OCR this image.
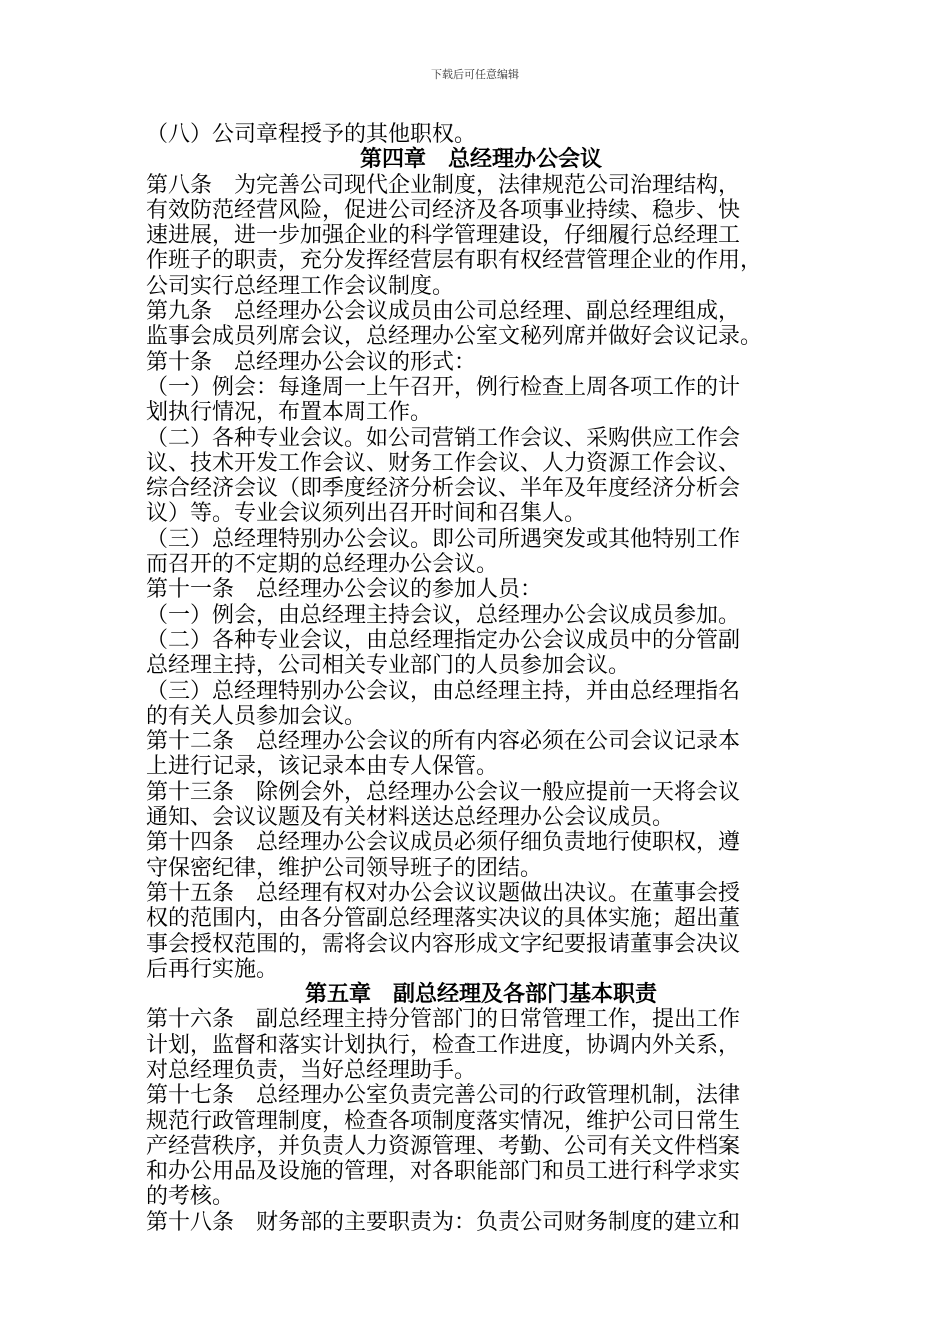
下载后可任意编辑

（八）公司章程授予的其他职权。

第四章　总经理办公会议

第八条　为完善公司现代企业制度，法律规范公司治理结构，

有效防范经营风险，促进公司经济及各项事业持续、稳步、快

速进展，进一步加强企业的科学管理建设，仔细履行总经理工

作班子的职责，充分发挥经营层有职有权经营管理企业的作用，

公司实行总经理工作会议制度。

第九条　总经理办公会议成员由公司总经理、副总经理组成，

监事会成员列席会议，总经理办公室文秘列席并做好会议记录。

第十条　总经理办公会议的形式：

（一）例会：每逢周一上午召开，例行检查上周各项工作的计

划执行情况，布置本周工作。

（二）各种专业会议。如公司营销工作会议、采购供应工作会

议、技术开发工作会议、财务工作会议、人力资源工作会议、

综合经济会议（即季度经济分析会议、半年及年度经济分析会

议）等。专业会议须列出召开时间和召集人。

（三）总经理特别办公会议。即公司所遇突发或其他特别工作

而召开的不定期的总经理办公会议。

第十一条　总经理办公会议的参加人员：

（一）例会，由总经理主持会议，总经理办公会议成员参加。

（二）各种专业会议，由总经理指定办公会议成员中的分管副

总经理主持，公司相关专业部门的人员参加会议。

（三）总经理特别办公会议，由总经理主持，并由总经理指名

的有关人员参加会议。

第十二条　总经理办公会议的所有内容必须在公司会议记录本

上进行记录，该记录本由专人保管。

第十三条　除例会外，总经理办公会议一般应提前一天将会议

通知、会议议题及有关材料送达总经理办公会议成员。

第十四条　总经理办公会议成员必须仔细负责地行使职权，遵

守保密纪律，维护公司领导班子的团结。

第十五条　总经理有权对办公会议议题做出决议。在董事会授

权的范围内，由各分管副总经理落实决议的具体实施；超出董

事会授权范围的，需将会议内容形成文字纪要报请董事会决议

后再行实施。

第五章　副总经理及各部门基本职责

第十六条　副总经理主持分管部门的日常管理工作，提出工作

计划，监督和落实计划执行，检查工作进度，协调内外关系，

对总经理负责，当好总经理助手。

第十七条　总经理办公室负责完善公司的行政管理机制，法律

规范行政管理制度，检查各项制度落实情况，维护公司日常生

产经营秩序，并负责人力资源管理、考勤、公司有关文件档案

和办公用品及设施的管理，对各职能部门和员工进行科学求实

的考核。

第十八条　财务部的主要职责为：负责公司财务制度的建立和
